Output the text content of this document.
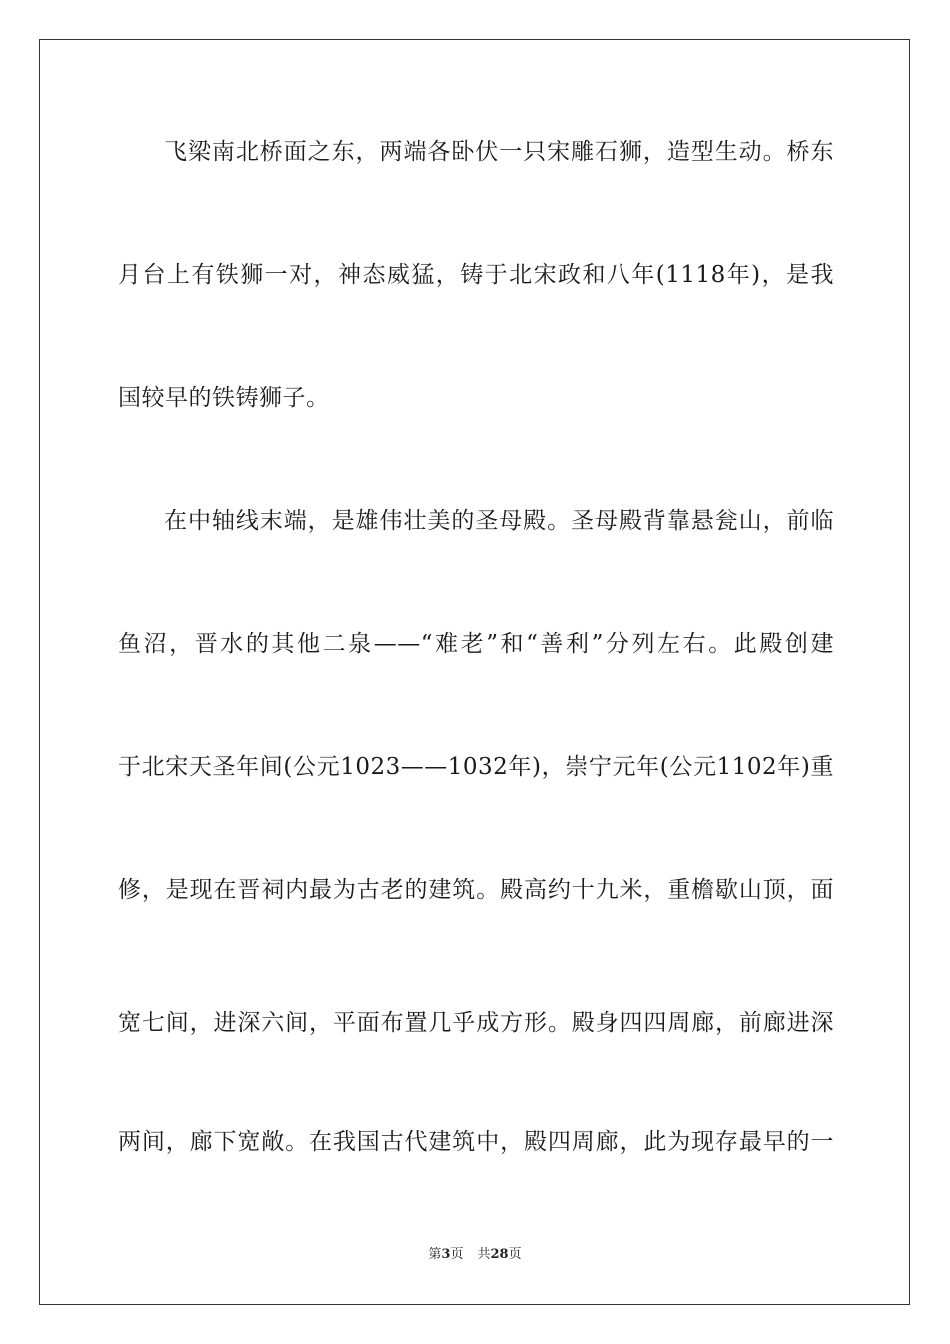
飞梁南北桥面之东，两端各卧伏一只宋雕石狮，造型生动。桥东
月台上有铁狮一对，神态威猛，铸于北宋政和八年(1118年)，是我
国较早的铁铸狮子。
在中轴线末端，是雄伟壮美的圣母殿。圣母殿背靠悬瓮山，前临
鱼沼，晋水的其他二泉——“难老”和“善利”分列左右。此殿创建
于北宋天圣年间(公元1023——1032年)，崇宁元年(公元1102年)重
修，是现在晋祠内最为古老的建筑。殿高约十九米，重檐歇山顶，面
宽七间，进深六间，平面布置几乎成方形。殿身四四周廊，前廊进深
两间，廊下宽敞。在我国古代建筑中，殿四周廊，此为现存最早的一
第3页 共28页
